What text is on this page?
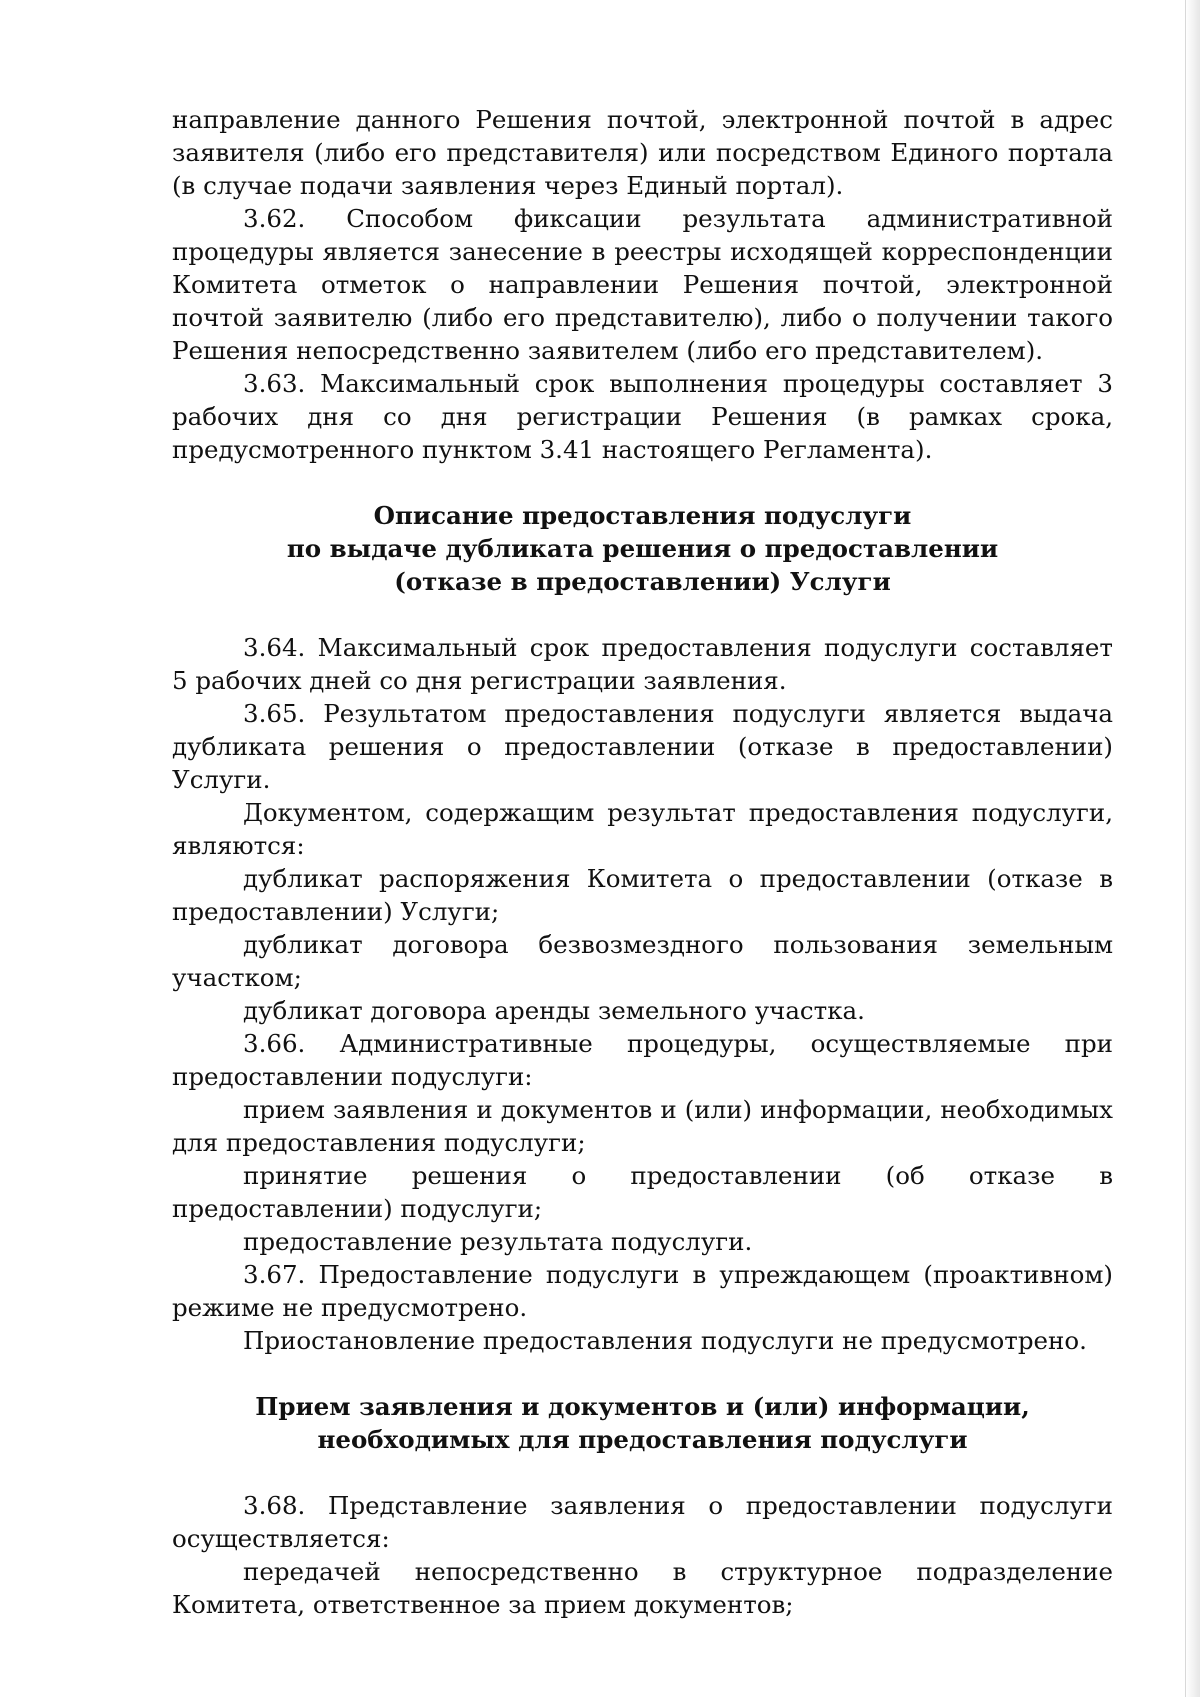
направление данного Решения почтой, электронной почтой в адрес заявителя (либо его представителя) или посредством Единого портала (в случае подачи заявления через Единый портал).

3.62. Способом фиксации результата административной процедуры является занесение в реестры исходящей корреспонденции Комитета отметок о направлении Решения почтой, электронной почтой заявителю (либо его представителю), либо о получении такого Решения непосредственно заявителем (либо его представителем).

3.63. Максимальный срок выполнения процедуры составляет 3 рабочих дня со дня регистрации Решения (в рамках срока, предусмотренного пунктом 3.41 настоящего Регламента).

Описание предоставления подуслуги
по выдаче дубликата решения о предоставлении
(отказе в предоставлении) Услуги

3.64. Максимальный срок предоставления подуслуги составляет 5 рабочих дней со дня регистрации заявления.

3.65. Результатом предоставления подуслуги является выдача дубликата решения о предоставлении (отказе в предоставлении) Услуги.

Документом, содержащим результат предоставления подуслуги, являются:

дубликат распоряжения Комитета о предоставлении (отказе в предоставлении) Услуги;

дубликат договора безвозмездного пользования земельным участком;

дубликат договора аренды земельного участка.

3.66. Административные процедуры, осуществляемые при предоставлении подуслуги:

прием заявления и документов и (или) информации, необходимых для предоставления подуслуги;

принятие решения о предоставлении (об отказе в предоставлении) подуслуги;

предоставление результата подуслуги.

3.67. Предоставление подуслуги в упреждающем (проактивном) режиме не предусмотрено.

Приостановление предоставления подуслуги не предусмотрено.

Прием заявления и документов и (или) информации,
необходимых для предоставления подуслуги

3.68. Представление заявления о предоставлении подуслуги осуществляется:

передачей непосредственно в структурное подразделение Комитета, ответственное за прием документов;
